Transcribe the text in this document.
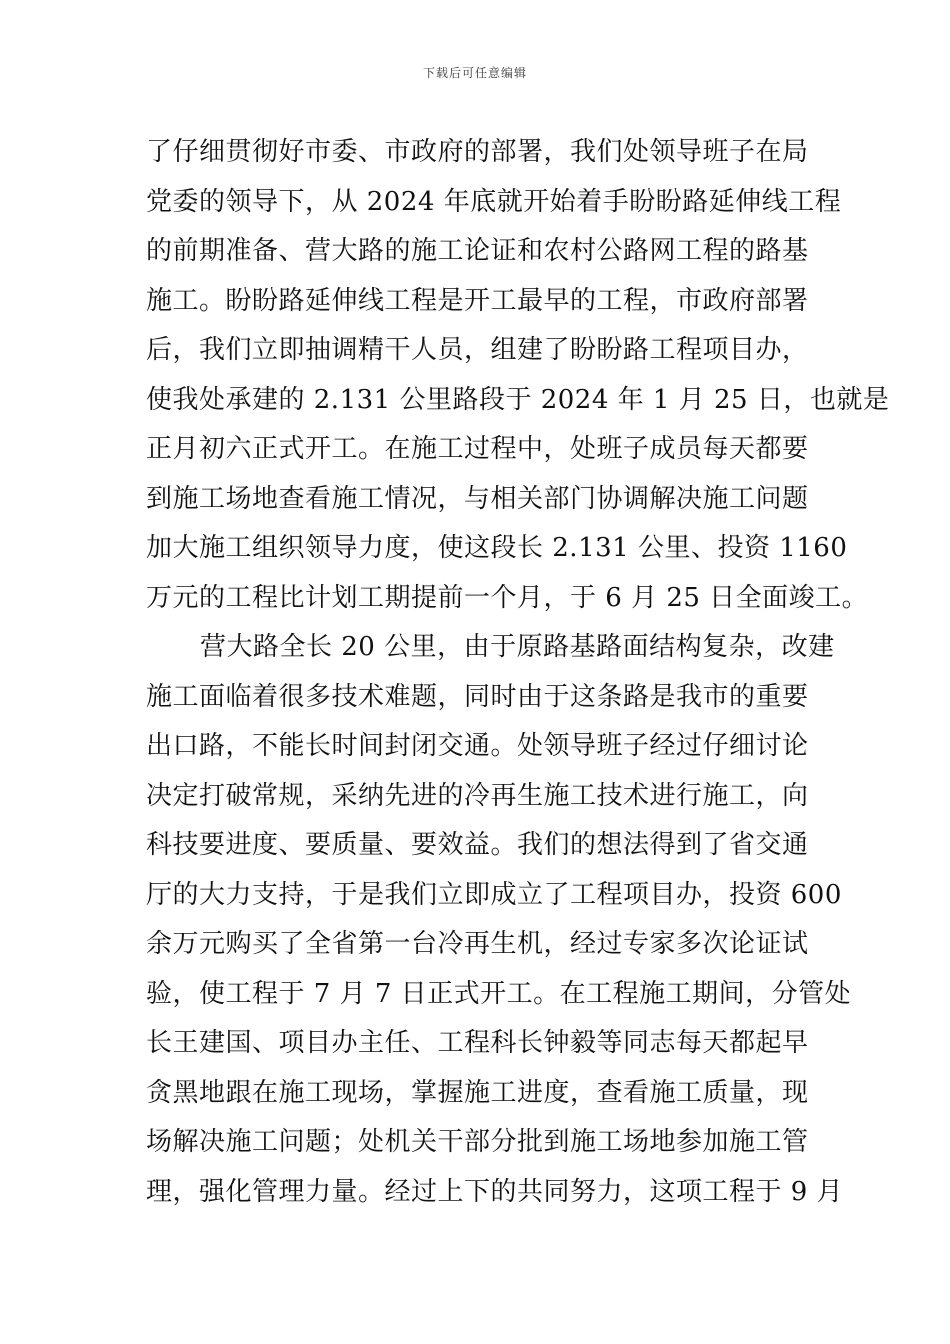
下载后可任意编辑
了仔细贯彻好市委、市政府的部署，我们处领导班子在局
党委的领导下，从 2024 年底就开始着手盼盼路延伸线工程
的前期准备、营大路的施工论证和农村公路网工程的路基
施工。盼盼路延伸线工程是开工最早的工程，市政府部署
后，我们立即抽调精干人员，组建了盼盼路工程项目办，
使我处承建的 2.131 公里路段于 2024 年 1 月 25 日，也就是
正月初六正式开工。在施工过程中，处班子成员每天都要
到施工场地查看施工情况，与相关部门协调解决施工问题
加大施工组织领导力度，使这段长 2.131 公里、投资 1160
万元的工程比计划工期提前一个月，于 6 月 25 日全面竣工。
营大路全长 20 公里，由于原路基路面结构复杂，改建
施工面临着很多技术难题，同时由于这条路是我市的重要
出口路，不能长时间封闭交通。处领导班子经过仔细讨论
决定打破常规，采纳先进的冷再生施工技术进行施工，向
科技要进度、要质量、要效益。我们的想法得到了省交通
厅的大力支持，于是我们立即成立了工程项目办，投资 600
余万元购买了全省第一台冷再生机，经过专家多次论证试
验，使工程于 7 月 7 日正式开工。在工程施工期间，分管处
长王建国、项目办主任、工程科长钟毅等同志每天都起早
贪黑地跟在施工现场，掌握施工进度，查看施工质量，现
场解决施工问题；处机关干部分批到施工场地参加施工管
理，强化管理力量。经过上下的共同努力，这项工程于 9 月
